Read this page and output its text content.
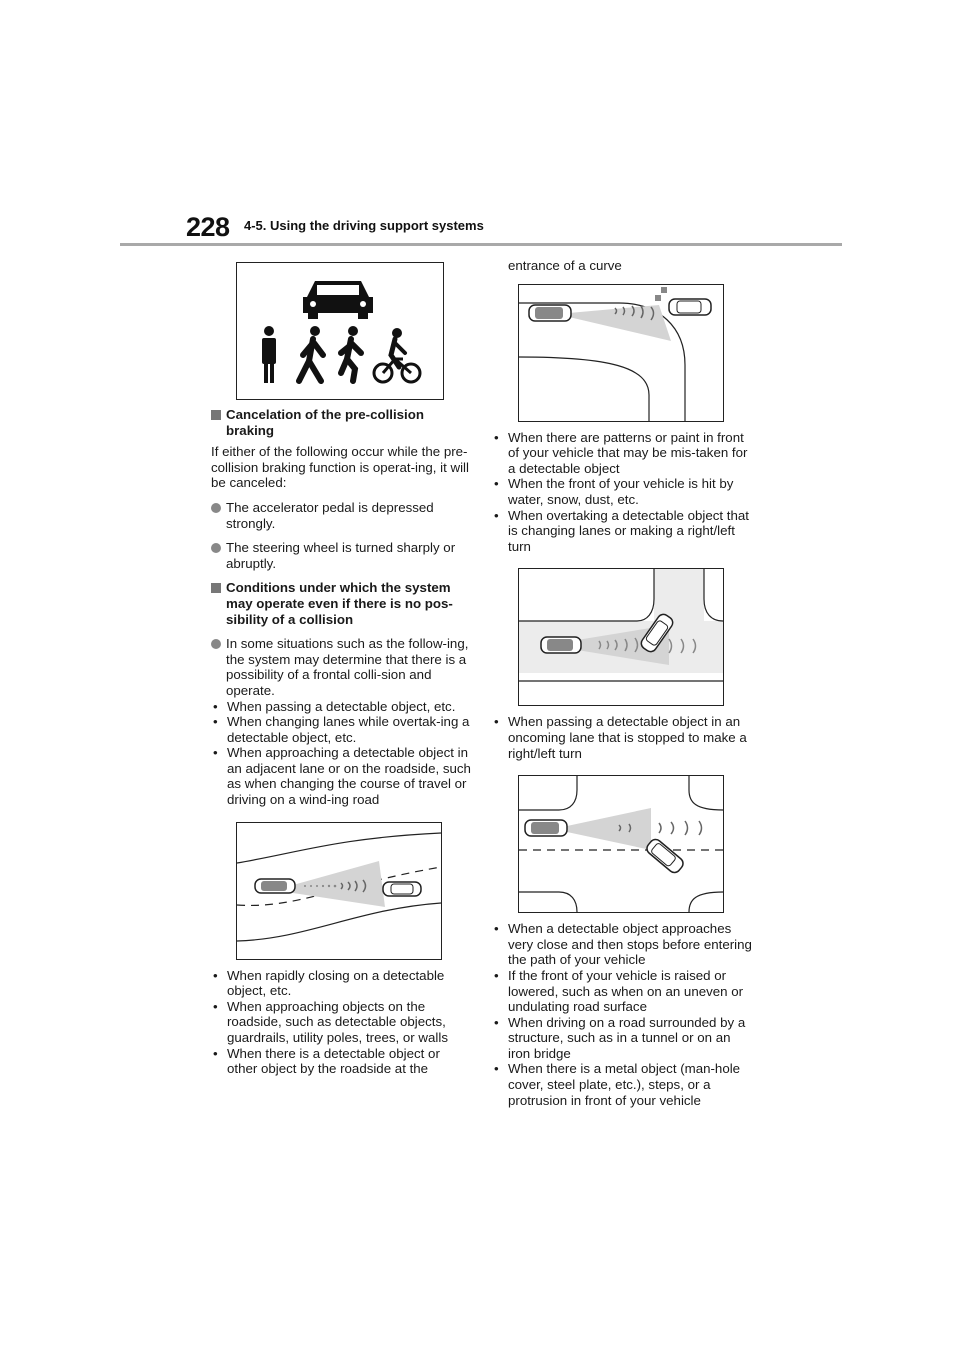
228 4-5. Using the driving support systems
Cancelation of the pre-collision braking
If either of the following occur while the pre-collision braking function is operat-ing, it will be canceled:
The accelerator pedal is depressed strongly.
The steering wheel is turned sharply or abruptly.
Conditions under which the system may operate even if there is no pos-sibility of a collision
In some situations such as the follow-ing, the system may determine that there is a possibility of a frontal colli-sion and operate.
• When passing a detectable object, etc.
• When changing lanes while overtak-ing a detectable object, etc.
• When approaching a detectable object in an adjacent lane or on the roadside, such as when changing the course of travel or driving on a wind-ing road
• When rapidly closing on a detectable object, etc.
• When approaching objects on the roadside, such as detectable objects, guardrails, utility poles, trees, or walls
• When there is a detectable object or other object by the roadside at the
entrance of a curve
• When there are patterns or paint in front of your vehicle that may be mis-taken for a detectable object
• When the front of your vehicle is hit by water, snow, dust, etc.
• When overtaking a detectable object that is changing lanes or making a right/left turn
• When passing a detectable object in an oncoming lane that is stopped to make a right/left turn
• When a detectable object approaches very close and then stops before entering the path of your vehicle
• If the front of your vehicle is raised or lowered, such as when on an uneven or undulating road surface
• When driving on a road surrounded by a structure, such as in a tunnel or on an iron bridge
• When there is a metal object (man-hole cover, steel plate, etc.), steps, or a protrusion in front of your vehicle
